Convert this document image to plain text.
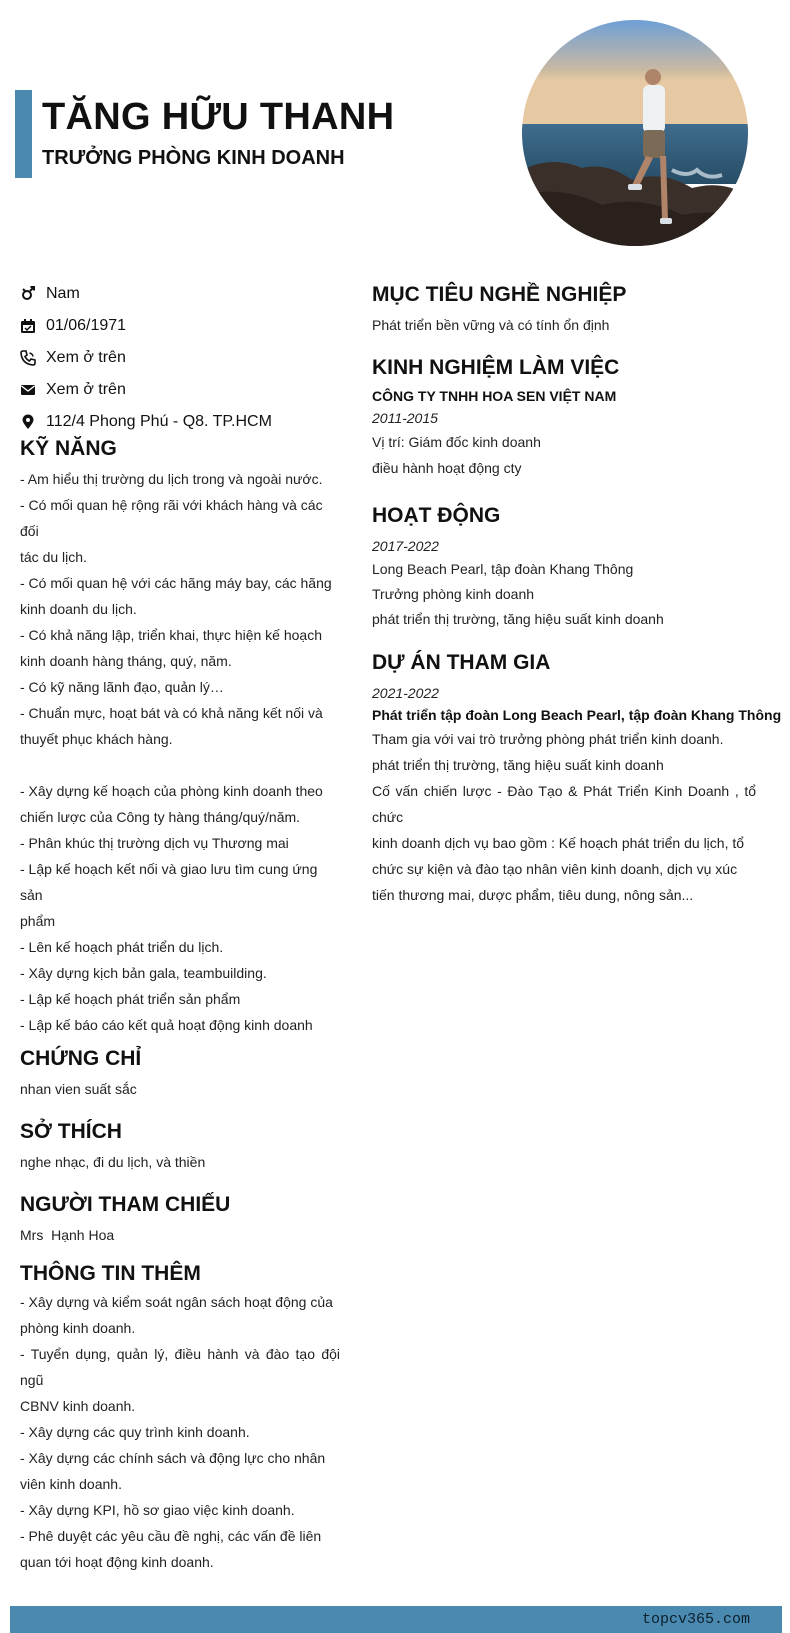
TĂNG HỮU THANH
TRƯỞNG PHÒNG KINH DOANH
Nam
01/06/1971
Xem ở trên
Xem ở trên
112/4 Phong Phú - Q8. TP.HCM
KỸ NĂNG
- Am hiểu thị trường du lịch trong và ngoài nước.
- Có mối quan hệ rộng rãi với khách hàng và các đối
tác du lịch.
- Có mối quan hệ với các hãng máy bay, các hãng
kinh doanh du lịch.
- Có khả năng lập, triển khai, thực hiện kế hoạch
kinh doanh hàng tháng, quý, năm.
- Có kỹ năng lãnh đạo, quản lý…
- Chuẩn mực, hoạt bát và có khả năng kết nối và
thuyết phục khách hàng.
- Xây dựng kế hoạch của phòng kinh doanh theo
chiến lược của Công ty hàng tháng/quý/năm.
- Phân khúc thị trường dịch vụ Thương mai
- Lập kế hoạch kết nối và giao lưu tìm cung ứng sản
phẩm
- Lên kế hoạch phát triển du lịch.
- Xây dựng kịch bản gala, teambuilding.
- Lập kế hoạch phát triển sản phẩm
- Lập kế báo cáo kết quả hoạt động kinh doanh
CHỨNG CHỈ
nhan vien suất sắc
SỞ THÍCH
nghe nhạc, đi du lịch, và thiền
NGƯỜI THAM CHIẾU
Mrs  Hạnh Hoa
THÔNG TIN THÊM
- Xây dựng và kiểm soát ngân sách hoạt động của
phòng kinh doanh.
- Tuyển dụng, quản lý, điều hành và đào tạo đội ngũ
CBNV kinh doanh.
- Xây dựng các quy trình kinh doanh.
- Xây dựng các chính sách và động lực cho nhân
viên kinh doanh.
- Xây dựng KPI, hồ sơ giao việc kinh doanh.
- Phê duyệt các yêu cầu đề nghị, các vấn đề liên
quan tới hoạt động kinh doanh.
MỤC TIÊU NGHỀ NGHIỆP
Phát triển bền vững và có tính ổn định
KINH NGHIỆM LÀM VIỆC
CÔNG TY TNHH HOA SEN VIỆT NAM
2011-2015
Vị trí: Giám đốc kinh doanh
điều hành hoạt động cty
HOẠT ĐỘNG
2017-2022
Long Beach Pearl, tập đoàn Khang Thông
Trưởng phòng kinh doanh
phát triển thị trường, tăng hiệu suất kinh doanh
DỰ ÁN THAM GIA
2021-2022
Phát triển tập đoàn Long Beach Pearl, tập đoàn Khang Thông
Tham gia với vai trò trưởng phòng phát triển kinh doanh.
phát triển thị trường, tăng hiệu suất kinh doanh
Cố vấn chiến lược - Đào Tạo & Phát Triển Kinh Doanh , tổ chức
kinh doanh dịch vụ bao gồm : Kế hoạch phát triển du lịch, tổ
chức sự kiện và đào tạo nhân viên kinh doanh, dịch vụ xúc
tiến thương mai, dược phẩm, tiêu dung, nông sản...
topcv365.com
